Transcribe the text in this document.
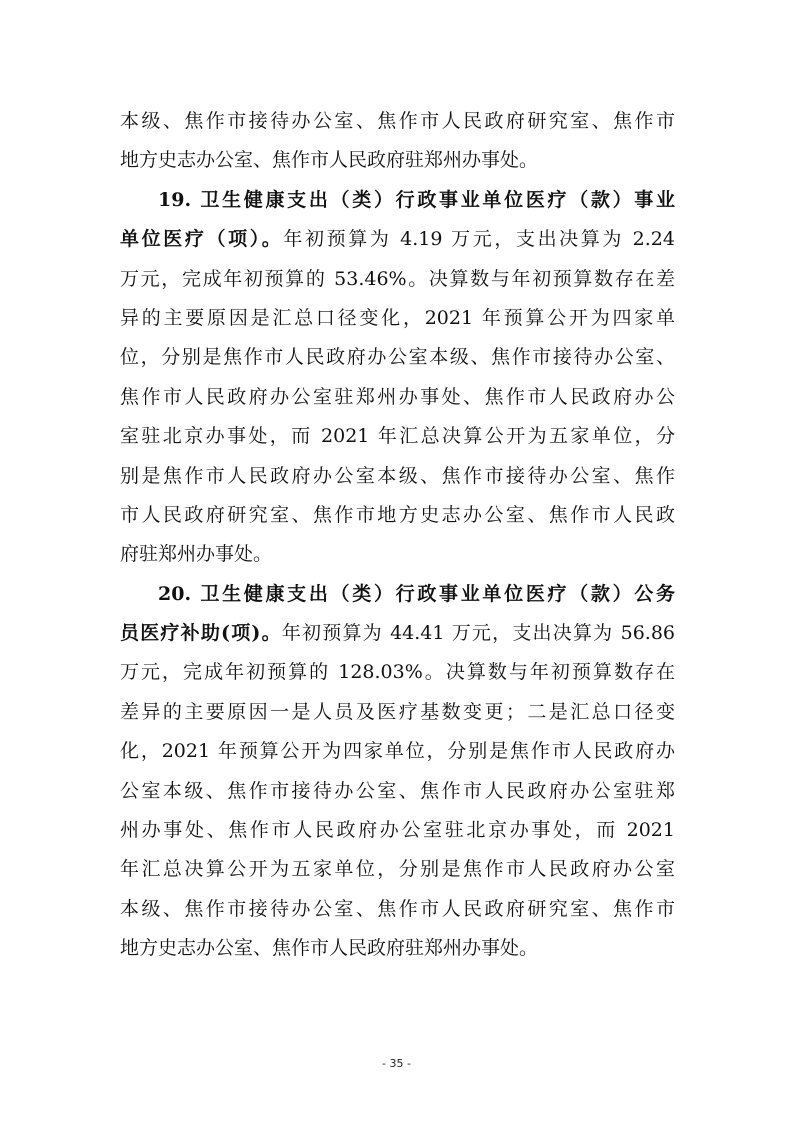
本级、焦作市接待办公室、焦作市人民政府研究室、焦作市
地方史志办公室、焦作市人民政府驻郑州办事处。
19. 卫生健康支出（类）行政事业单位医疗（款）事业
单位医疗（项）。年初预算为 4.19 万元，支出决算为 2.24
万元，完成年初预算的 53.46%。决算数与年初预算数存在差
异的主要原因是汇总口径变化，2021 年预算公开为四家单
位，分别是焦作市人民政府办公室本级、焦作市接待办公室、
焦作市人民政府办公室驻郑州办事处、焦作市人民政府办公
室驻北京办事处，而 2021 年汇总决算公开为五家单位，分
别是焦作市人民政府办公室本级、焦作市接待办公室、焦作
市人民政府研究室、焦作市地方史志办公室、焦作市人民政
府驻郑州办事处。
20. 卫生健康支出（类）行政事业单位医疗（款）公务
员医疗补助(项)。年初预算为 44.41 万元，支出决算为 56.86
万元，完成年初预算的 128.03%。决算数与年初预算数存在
差异的主要原因一是人员及医疗基数变更；二是汇总口径变
化，2021 年预算公开为四家单位，分别是焦作市人民政府办
公室本级、焦作市接待办公室、焦作市人民政府办公室驻郑
州办事处、焦作市人民政府办公室驻北京办事处，而 2021
年汇总决算公开为五家单位，分别是焦作市人民政府办公室
本级、焦作市接待办公室、焦作市人民政府研究室、焦作市
地方史志办公室、焦作市人民政府驻郑州办事处。
- 35 -
